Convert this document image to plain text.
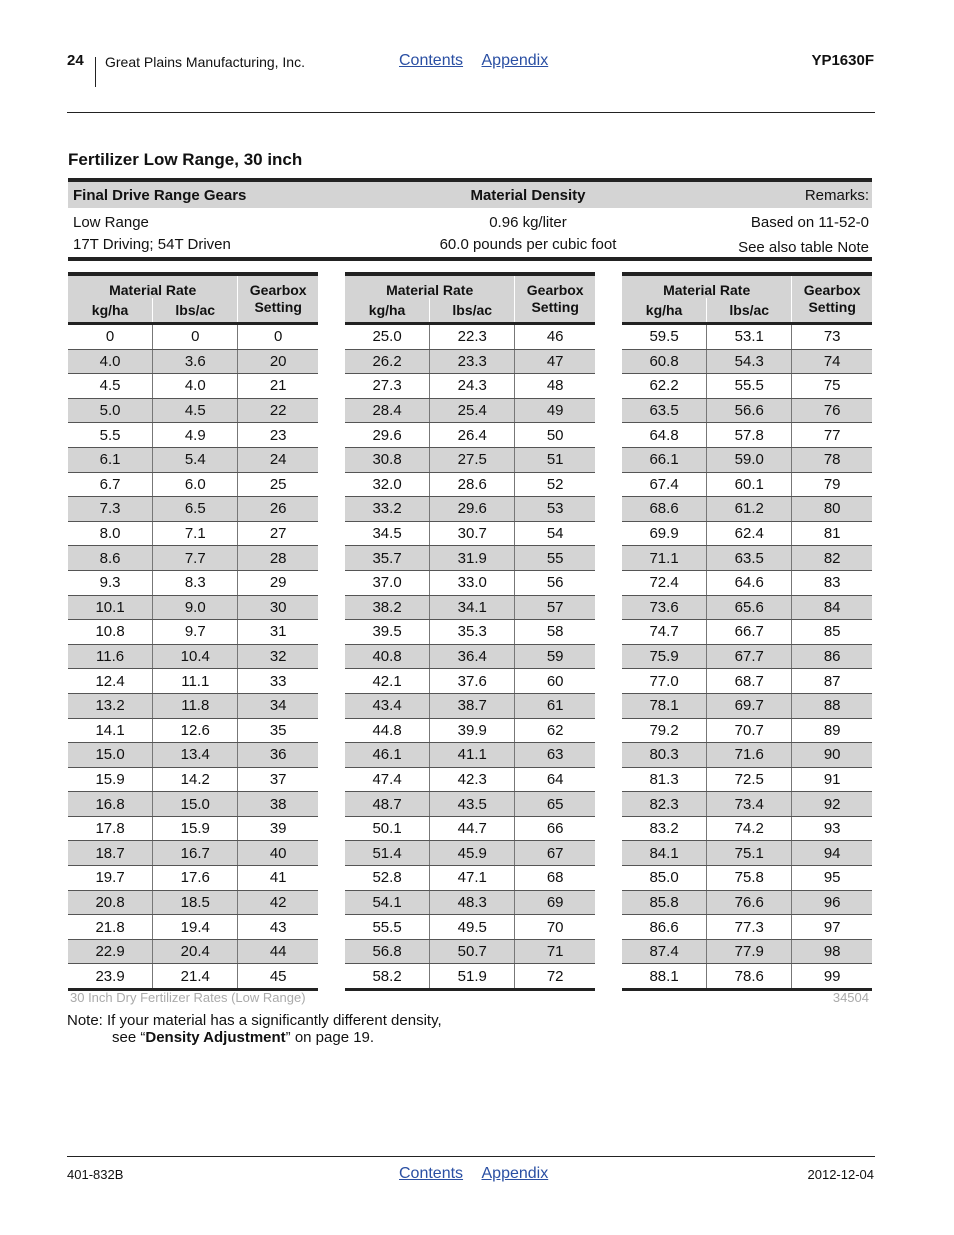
24 Great Plains Manufacturing, Inc.	Contents Appendix	YP1630F
Fertilizer Low Range, 30 inch
Final Drive Range Gears	Material Density	Remarks:
Low Range	0.96 kg/liter	Based on 11-52-0
17T Driving; 54T Driven	60.0 pounds per cubic foot	See also table Note
Material Rate		Gearbox
Setting
kg/ha	lbs/ac	
0	0	0
4.0	3.6	20
4.5	4.0	21
5.0	4.5	22
5.5	4.9	23
6.1	5.4	24
6.7	6.0	25
7.3	6.5	26
8.0	7.1	27
8.6	7.7	28
9.3	8.3	29
10.1	9.0	30
10.8	9.7	31
11.6	10.4	32
12.4	11.1	33
13.2	11.8	34
14.1	12.6	35
15.0	13.4	36
15.9	14.2	37
16.8	15.0	38
17.8	15.9	39
18.7	16.7	40
19.7	17.6	41
20.8	18.5	42
21.8	19.4	43
22.9	20.4	44
23.9	21.4	45
Material Rate		Gearbox
Setting
kg/ha	lbs/ac	
25.0	22.3	46
26.2	23.3	47
27.3	24.3	48
28.4	25.4	49
29.6	26.4	50
30.8	27.5	51
32.0	28.6	52
33.2	29.6	53
34.5	30.7	54
35.7	31.9	55
37.0	33.0	56
38.2	34.1	57
39.5	35.3	58
40.8	36.4	59
42.1	37.6	60
43.4	38.7	61
44.8	39.9	62
46.1	41.1	63
47.4	42.3	64
48.7	43.5	65
50.1	44.7	66
51.4	45.9	67
52.8	47.1	68
54.1	48.3	69
55.5	49.5	70
56.8	50.7	71
58.2	51.9	72
Material Rate		Gearbox
Setting
kg/ha	lbs/ac	
59.5	53.1	73
60.8	54.3	74
62.2	55.5	75
63.5	56.6	76
64.8	57.8	77
66.1	59.0	78
67.4	60.1	79
68.6	61.2	80
69.9	62.4	81
71.1	63.5	82
72.4	64.6	83
73.6	65.6	84
74.7	66.7	85
75.9	67.7	86
77.0	68.7	87
78.1	69.7	88
79.2	70.7	89
80.3	71.6	90
81.3	72.5	91
82.3	73.4	92
83.2	74.2	93
84.1	75.1	94
85.0	75.8	95
85.8	76.6	96
86.6	77.3	97
87.4	77.9	98
88.1	78.6	99
30 Inch Dry Fertilizer Rates (Low Range)	34504
Note: If your material has a significantly different density,
see “Density Adjustment” on page 19.
401-832B	Contents Appendix	2012-12-04
